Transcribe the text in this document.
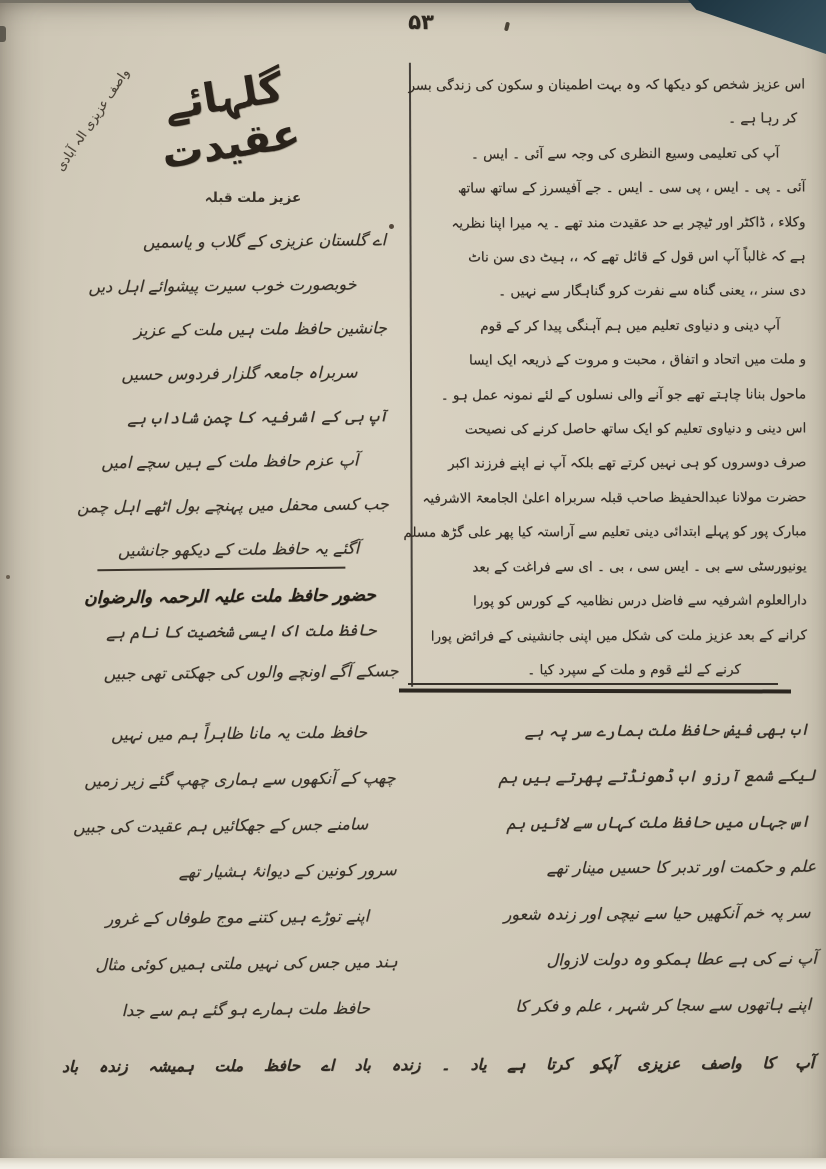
۵۳
واصف عزیزی الہ آبادی گلہائے عقیدت
عزیز ملت قبلہ
اے گلستان عزیزی کے گلاب و یاسمیں
خوبصورت خوب سیرت پیشوائے اہل دیں
جانشین حافظ ملت ہیں ملت کے عزیز
سربراہ جامعہ گلزار فردوس حسیں
آپ ہی کے اشرفیہ کا چمن شاداب ہے
آپ عزم حافظ ملت کے ہیں سچے امیں
جب کسی محفل میں پہنچے بول اٹھے اہل چمن
آگئے یہ حافظ ملت کے دیکھو جانشیں
حضور حافظ ملت علیہ الرحمہ والرضوان
حافظ ملت اک ایسی شخصیت کا نام ہے
جسکے آگے اونچے والوں کی جھکتی تھی جبیں
حافظ ملت یہ مانا ظاہراً ہم میں نہیں
چھپ کے آنکھوں سے ہماری چھپ گئے زیر زمیں
سامنے جس کے جھکائیں ہم عقیدت کی جبیں
سرور کونین کے دیوانۂ ہشیار تھے
اپنے توڑے ہیں کتنے موج طوفاں کے غرور
ہند میں جس کی نہیں ملتی ہمیں کوئی مثال
حافظ ملت ہمارے ہو گئے ہم سے جدا
اس عزیز شخص کو دیکھا کہ وہ بہت اطمینان و سکون کی زندگی بسر
کر رہا ہے ۔
آپ کی تعلیمی وسیع النظری کی وجہ سے آئی ۔ ایس ۔
آئی ۔ پی ۔ ایس ، پی سی ۔ ایس ۔ جے آفیسرز کے ساتھ ساتھ
وکلاء ، ڈاکٹر اور ٹیچر بے حد عقیدت مند تھے ۔ یہ میرا اپنا نظریہ
ہے کہ غالباً آپ اس قول کے قائل تھے کہ ،، ہیٹ دی سن ناٹ
دی سنر ،، یعنی گناہ سے نفرت کرو گناہگار سے نہیں ۔
آپ دینی و دنیاوی تعلیم میں ہم آہنگی پیدا کر کے قوم
و ملت میں اتحاد و اتفاق ، محبت و مروت کے ذریعہ ایک ایسا
ماحول بنانا چاہتے تھے جو آنے والی نسلوں کے لئے نمونہ عمل ہو ۔
اس دینی و دنیاوی تعلیم کو ایک ساتھ حاصل کرنے کی نصیحت
صرف دوسروں کو ہی نہیں کرتے تھے بلکہ آپ نے اپنے فرزند اکبر
حضرت مولانا عبدالحفیظ صاحب قبلہ سربراہ اعلیٰ الجامعۃ الاشرفیہ
مبارک پور کو پہلے ابتدائی دینی تعلیم سے آراستہ کیا پھر علی گڑھ مسلم
یونیورسٹی سے بی ۔ ایس سی ، بی ۔ ای سے فراغت کے بعد
دارالعلوم اشرفیہ سے فاضل درس نظامیہ کے کورس کو پورا
کرانے کے بعد عزیز ملت کی شکل میں اپنی جانشینی کے فرائض پورا
کرنے کے لئے قوم و ملت کے سپرد کیا ۔
اب بھی فیض حافظ ملت ہمارے سر پہ ہے
لیکے شمع آرزو اب ڈھونڈتے پھرتے ہیں ہم
اس جہاں میں حافظ ملت کہاں سے لائیں ہم
علم و حکمت اور تدبر کا حسیں مینار تھے
سر پہ خم آنکھیں حیا سے نیچی اور زندہ شعور
آپ نے کی ہے عطا ہمکو وہ دولت لازوال
اپنے ہاتھوں سے سجا کر شہر ، علم و فکر کا
آپ کا واصف عزیزی آپکو کرتا ہے یاد ۔ زندہ باد اے حافظ ملت ہمیشہ زندہ باد
